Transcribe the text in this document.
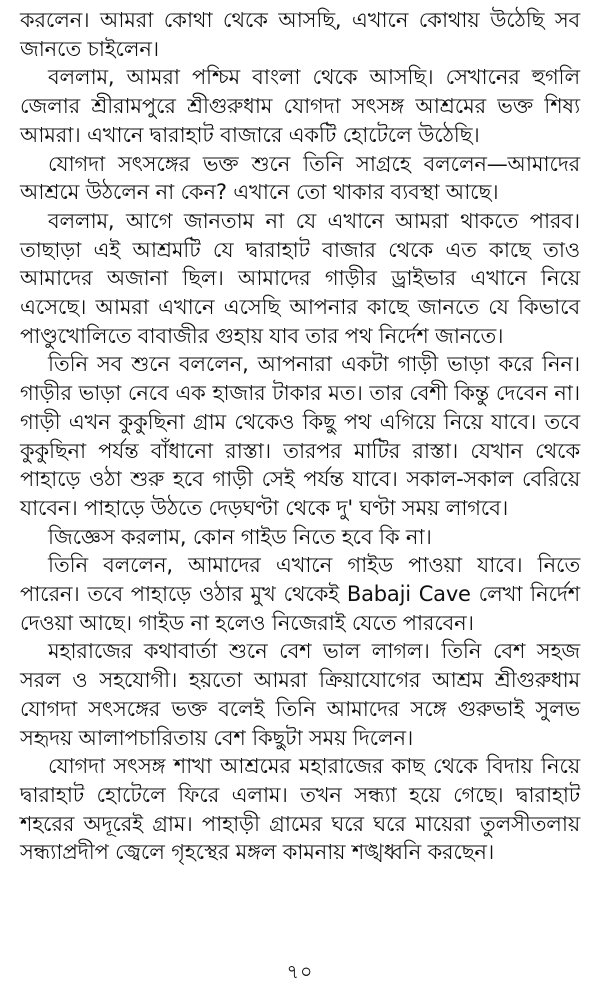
করলেন। আমরা কোথা থেকে আসছি, এখানে কোথায় উঠেছি সব জানতে চাইলেন।

বললাম, আমরা পশ্চিম বাংলা থেকে আসছি। সেখানের হুগলি জেলার শ্রীরামপুরে শ্রীগুরুধাম যোগদা সৎসঙ্গ আশ্রমের ভক্ত শিষ্য আমরা। এখানে দ্বারাহাট বাজারে একটি হোটেলে উঠেছি।

যোগদা সৎসঙ্গের ভক্ত শুনে তিনি সাগ্রহে বললেন—আমাদের আশ্রমে উঠলেন না কেন? এখানে তো থাকার ব্যবস্থা আছে।

বললাম, আগে জানতাম না যে এখানে আমরা থাকতে পারব। তাছাড়া এই আশ্রমটি যে দ্বারাহাট বাজার থেকে এত কাছে তাও আমাদের অজানা ছিল। আমাদের গাড়ীর ড্রাইভার এখানে নিয়ে এসেছে। আমরা এখানে এসেছি আপনার কাছে জানতে যে কিভাবে পাণ্ডুখোলিতে বাবাজীর গুহায় যাব তার পথ নির্দেশ জানতে।

তিনি সব শুনে বললেন, আপনারা একটা গাড়ী ভাড়া করে নিন। গাড়ীর ভাড়া নেবে এক হাজার টাকার মত। তার বেশী কিন্তু দেবেন না। গাড়ী এখন কুকুছিনা গ্রাম থেকেও কিছু পথ এগিয়ে নিয়ে যাবে। তবে কুকুছিনা পর্যন্ত বাঁধানো রাস্তা। তারপর মাটির রাস্তা। যেখান থেকে পাহাড়ে ওঠা শুরু হবে গাড়ী সেই পর্যন্ত যাবে। সকাল-সকাল বেরিয়ে যাবেন। পাহাড়ে উঠতে দেড়ঘণ্টা থেকে দু' ঘণ্টা সময় লাগবে।

জিজ্ঞেস করলাম, কোন গাইড নিতে হবে কি না।

তিনি বললেন, আমাদের এখানে গাইড পাওয়া যাবে। নিতে পারেন। তবে পাহাড়ে ওঠার মুখ থেকেই Babaji Cave লেখা নির্দেশ দেওয়া আছে। গাইড না হলেও নিজেরাই যেতে পারবেন।

মহারাজের কথাবার্তা শুনে বেশ ভাল লাগল। তিনি বেশ সহজ সরল ও সহযোগী। হয়তো আমরা ক্রিয়াযোগের আশ্রম শ্রীগুরুধাম যোগদা সৎসঙ্গের ভক্ত বলেই তিনি আমাদের সঙ্গে গুরুভাই সুলভ সহৃদয় আলাপচারিতায় বেশ কিছুটা সময় দিলেন।

যোগদা সৎসঙ্গ শাখা আশ্রমের মহারাজের কাছ থেকে বিদায় নিয়ে দ্বারাহাট হোটেলে ফিরে এলাম। তখন সন্ধ্যা হয়ে গেছে। দ্বারাহাট শহরের অদূরেই গ্রাম। পাহাড়ী গ্রামের ঘরে ঘরে মায়েরা তুলসীতলায় সন্ধ্যাপ্রদীপ জ্বেলে গৃহস্থের মঙ্গল কামনায় শঙ্খধ্বনি করছেন।

৭০
